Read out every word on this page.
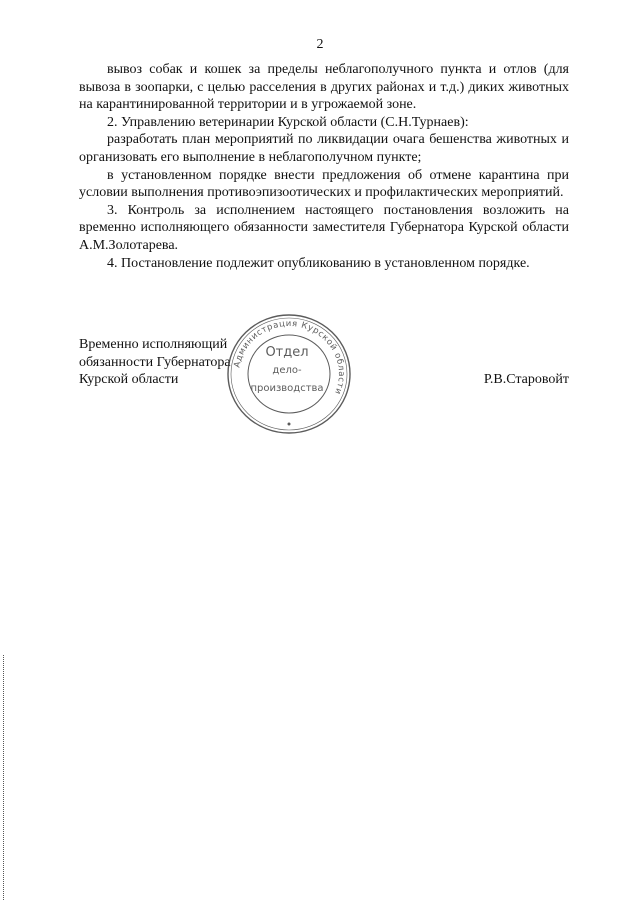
2

вывоз собак и кошек за пределы неблагополучного пункта и отлов (для вывоза в зоопарки, с целью расселения в других районах и т.д.) диких животных на карантинированной территории и в угрожаемой зоне.

2. Управлению ветеринарии Курской области (С.Н.Турнаев):

разработать план мероприятий по ликвидации очага бешенства животных и организовать его выполнение в неблагополучном пункте;

в установленном порядке внести предложения об отмене карантина при условии выполнения противоэпизоотических и профилактических мероприятий.

3. Контроль за исполнением настоящего постановления возложить на временно исполняющего обязанности заместителя Губернатора Курской области А.М.Золотарева.

4. Постановление подлежит опубликованию в установленном порядке.

Временно исполняющий
обязанности Губернатора
Курской области	Р.В.Старовойт
Администрация Курской области
Отдел
дело-
производства
